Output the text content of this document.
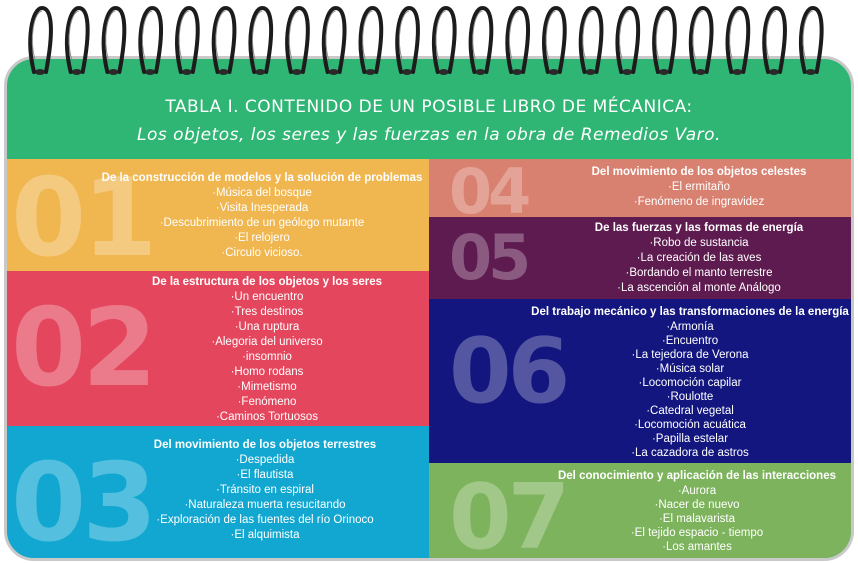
TABLA I. CONTENIDO DE UN POSIBLE LIBRO DE MÉCANICA:
Los objetos, los seres y las fuerzas en la obra de Remedios Varo.
01
De la construcción de modelos y la solución de problemas
·Música del bosque
·Visita Inesperada
·Descubrimiento de un geólogo mutante
·El relojero
·Circulo vicioso.
02
De la estructura de los objetos y los seres
·Un encuentro
·Tres destinos
·Una ruptura
·Alegoria del universo
·insomnio
·Homo rodans
·Mimetismo
·Fenómeno
·Caminos Tortuosos
03 Del movimiento de los objetos terrestres
·Despedida
·El flautista
·Tránsito en espiral
·Naturaleza muerta resucitando
·Exploración de las fuentes del río Orinoco
·El alquimista
04	Del movimiento de los objetos celestes
·El ermitaño
·Fenómeno de ingravidez
05	De las fuerzas y las formas de energía
·Robo de sustancia
·La creación de las aves
·Bordando el manto terrestre
·La ascención al monte Análogo
06
Del trabajo mecánico y las transformaciones de la energía
·Armonía
·Encuentro
·La tejedora de Verona
·Música solar
·Locomoción capilar
·Roulotte
·Catedral vegetal
·Locomoción acuática
·Papilla estelar
·La cazadora de astros
07
Del conocimiento y aplicación de las interacciones
·Aurora
·Nacer de nuevo
·El malavarista
·El tejido espacio - tiempo
·Los amantes
